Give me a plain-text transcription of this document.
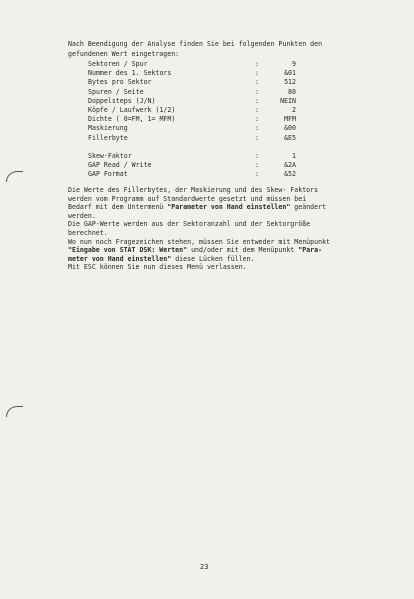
Nach Beendigung der Analyse finden Sie bei folgenden Punkten den
gefundenen Wert eingetragen:
Sektoren / Spur	:	9
Nummer des 1. Sektors	:	&01
Bytes pro Sektor	:	512
Spuren / Seite	:	80
Doppelsteps (J/N)	:	NEIN
Köpfe / Laufwerk (1/2)	:	2
Dichte ( 0=FM, 1= MFM)	:	MFM
Maskierung	:	&00
Fillerbyte	:	&E5
Skew-Faktor	:	1
GAP Read / Write	:	&2A
GAP Format	:	&52
Die Werte des Fillerbytes, der Maskierung und des Skew- Faktors
werden vom Programm auf Standardwerte gesetzt und müssen bei
Bedarf mit dem Untermenü "Parameter von Hand einstellen" geändert
werden.
Die GAP-Werte werden aus der Sektoranzahl und der Sektorgröße
berechnet.
Wo nun noch Fragezeichen stehen, müssen Sie entweder mit Menüpunkt
"Eingabe von STAT DSK: Werten" und/oder mit dem Menüpunkt "Para-
meter von Hand einstellen" diese Lücken füllen.
Mit ESC können Sie nun dieses Menü verlassen.
23
